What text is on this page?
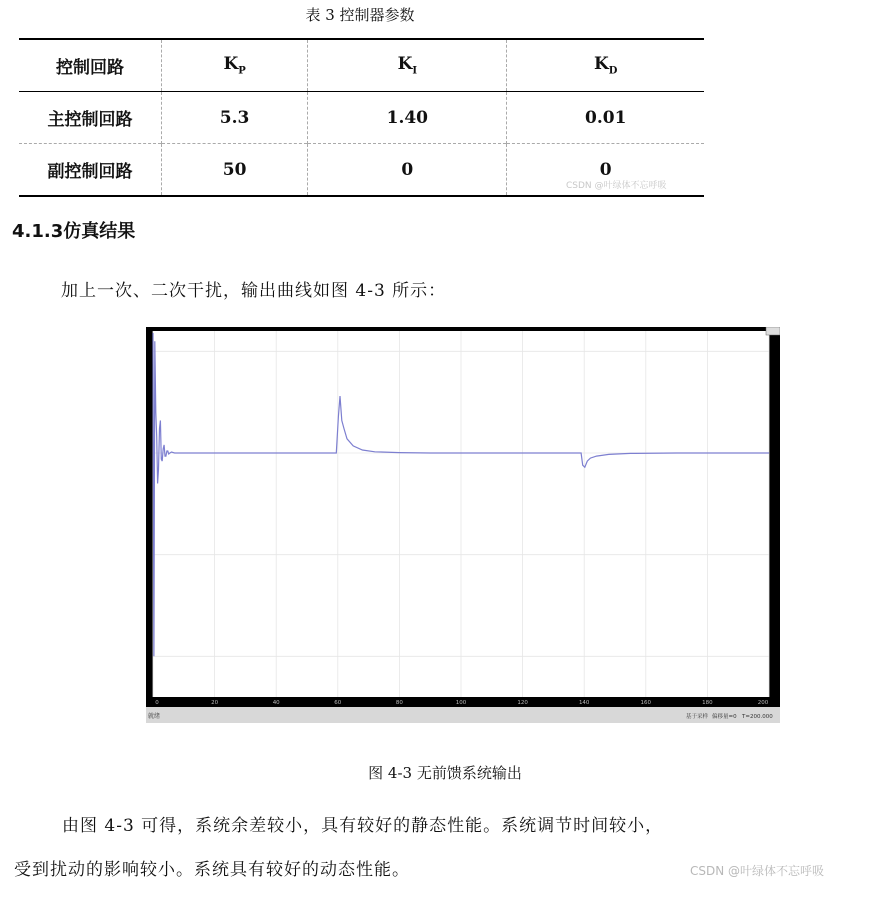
表 3 控制器参数
控制回路	$K_P$	$K_I$	$K_D$
主控制回路	5.3	1.40	0.01
副控制回路	50	0	0
CSDN @叶绿体不忘呼吸
4.1.3仿真结果
加上一次、二次干扰，输出曲线如图 4-3 所示：
0	20	40	60	80	100	120	140	160	180	200
就绪	基于采样 偏移量=0 T=200.000
图 4-3 无前馈系统输出
由图 4-3 可得，系统余差较小，具有较好的静态性能。系统调节时间较小，
受到扰动的影响较小。系统具有较好的动态性能。	CSDN @叶绿体不忘呼吸
